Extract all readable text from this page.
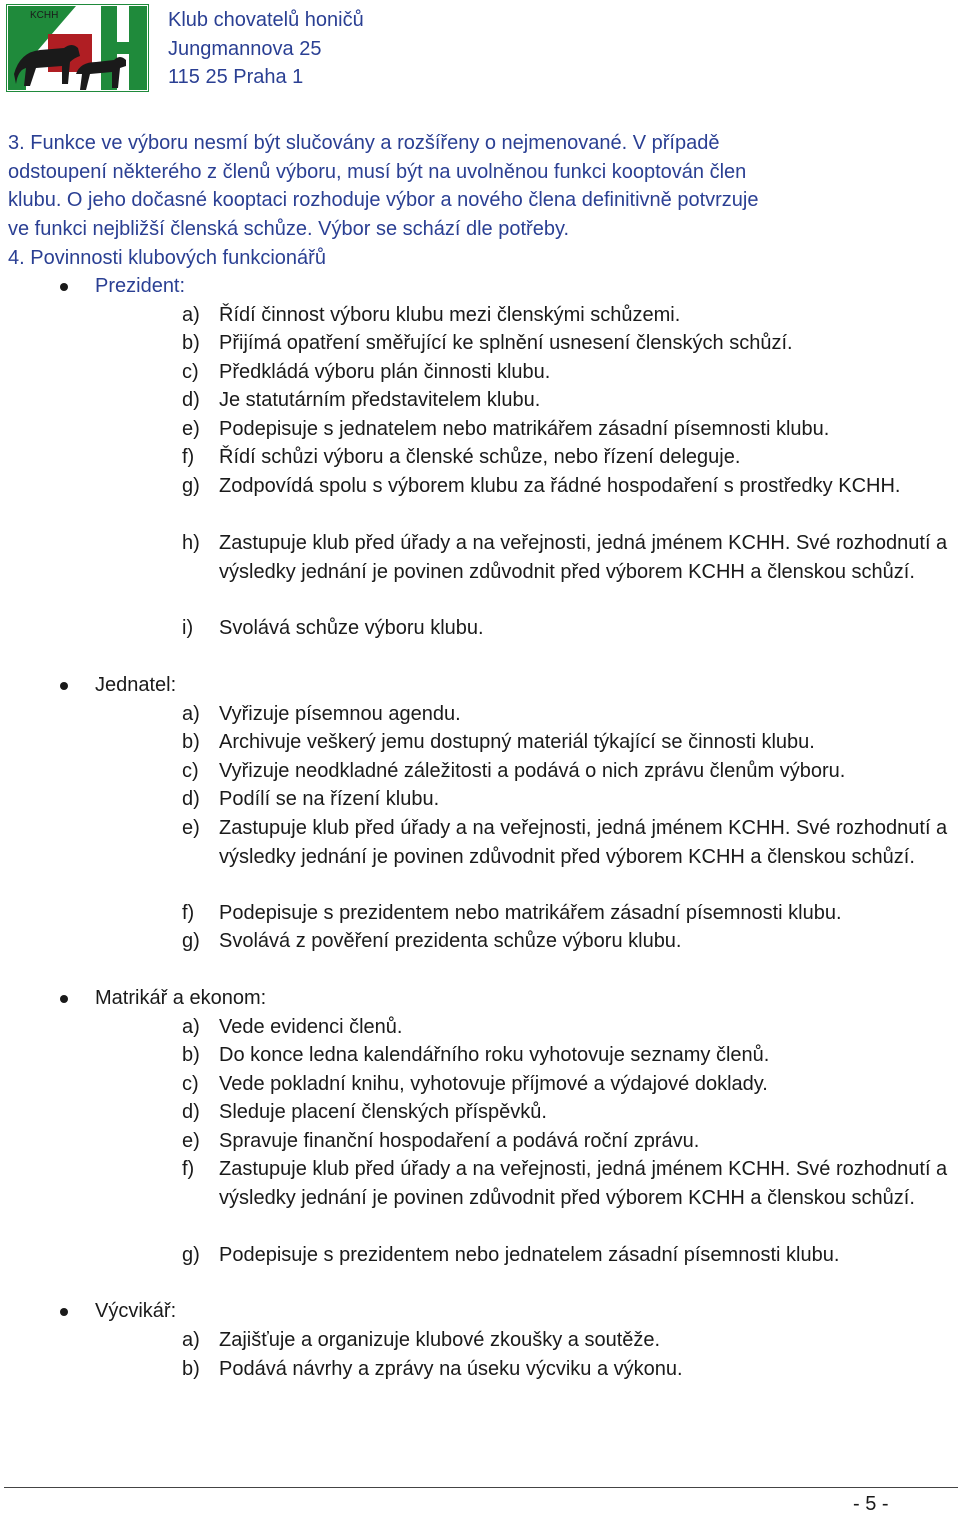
KCHH	Klub chovatelů honičů
Jungmannova 25
115 25 Praha 1
3. Funkce ve výboru nesmí být slučovány a rozšířeny o nejmenované. V případě
odstoupení některého z členů výboru, musí být na uvolněnou funkci kooptován člen
klubu. O jeho dočasné kooptaci rozhoduje výbor a nového člena definitivně potvrzuje
ve funkci nejbližší členská schůze. Výbor se schází dle potřeby.
4. Povinnosti klubových funkcionářů
Prezident:
a) Řídí činnost výboru klubu mezi členskými schůzemi.
b) Přijímá opatření směřující ke splnění usnesení členských schůzí.
c)	Předkládá výboru plán činnosti klubu.
d) Je statutárním představitelem klubu.
e) Podepisuje s jednatelem nebo matrikářem zásadní písemnosti klubu.
f)	Řídí schůzi výboru a členské schůze, nebo řízení deleguje.
g) Zodpovídá spolu s výborem klubu za řádné hospodaření s prostředky KCHH.
h) Zastupuje klub před úřady a na veřejnosti, jedná jménem KCHH. Své rozhodnutí a výsledky jednání je povinen zdůvodnit před výborem KCHH a členskou schůzí.
i)	Svolává schůze výboru klubu.
Jednatel:
a) Vyřizuje písemnou agendu.
b) Archivuje veškerý jemu dostupný materiál týkající se činnosti klubu.
c)	Vyřizuje neodkladné záležitosti a podává o nich zprávu členům výboru.
d) Podílí se na řízení klubu.
e) Zastupuje klub před úřady a na veřejnosti, jedná jménem KCHH. Své rozhodnutí a výsledky jednání je povinen zdůvodnit před výborem KCHH a členskou schůzí.
f)	Podepisuje s prezidentem nebo matrikářem zásadní písemnosti klubu.
g) Svolává z pověření prezidenta schůze výboru klubu.
Matrikář a ekonom:
a) Vede evidenci členů.
b) Do konce ledna kalendářního roku vyhotovuje seznamy členů.
c)	Vede pokladní knihu, vyhotovuje příjmové a výdajové doklady.
d) Sleduje placení členských příspěvků.
e) Spravuje finanční hospodaření a podává roční zprávu.
f)	Zastupuje klub před úřady a na veřejnosti, jedná jménem KCHH. Své rozhodnutí a výsledky jednání je povinen zdůvodnit před výborem KCHH a členskou schůzí.
g) Podepisuje s prezidentem nebo jednatelem zásadní písemnosti klubu.
Výcvikář:
a) Zajišťuje a organizuje klubové zkoušky a soutěže.
b) Podává návrhy a zprávy na úseku výcviku a výkonu.
- 5 -
